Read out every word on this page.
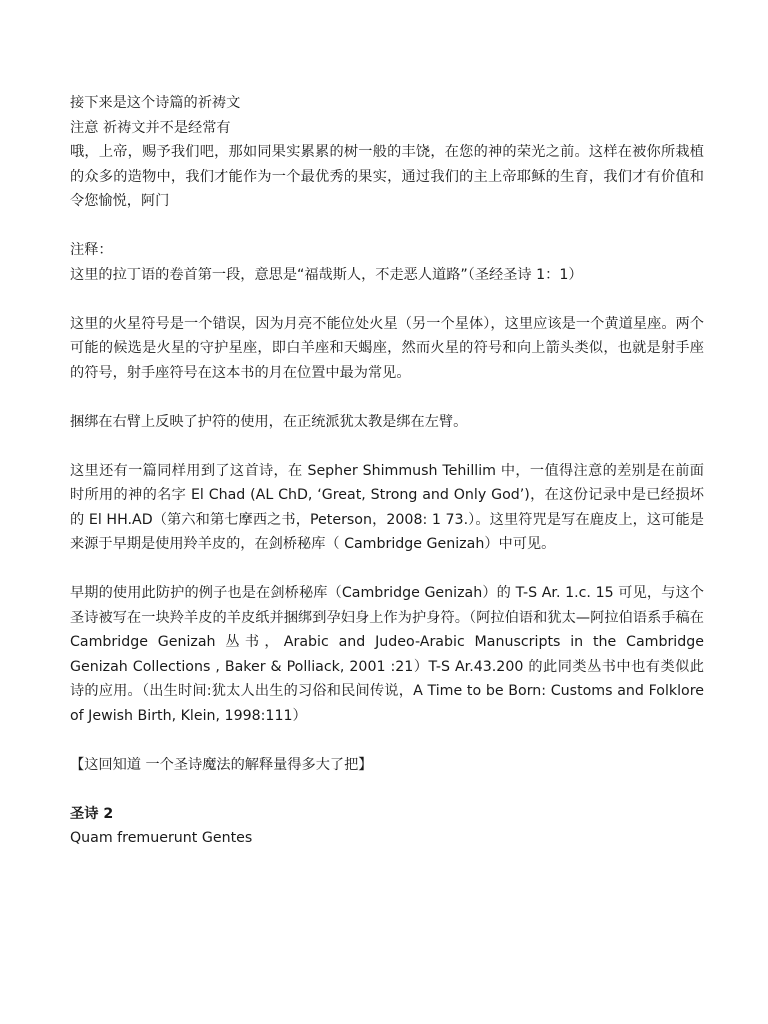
接下来是这个诗篇的祈祷文

注意 祈祷文并不是经常有

哦，上帝，赐予我们吧，那如同果实累累的树一般的丰饶，在您的神的荣光之前。这样在被你所栽植的众多的造物中，我们才能作为一个最优秀的果实，通过我们的主上帝耶稣的生育，我们才有价值和令您愉悦，阿门

注释：

这里的拉丁语的卷首第一段，意思是“福哉斯人，不走恶人道路”（圣经圣诗 1：1）

这里的火星符号是一个错误，因为月亮不能位处火星（另一个星体），这里应该是一个黄道星座。两个可能的候选是火星的守护星座，即白羊座和天蝎座，然而火星的符号和向上箭头类似，也就是射手座的符号，射手座符号在这本书的月在位置中最为常见。

捆绑在右臂上反映了护符的使用，在正统派犹太教是绑在左臂。

这里还有一篇同样用到了这首诗，在 Sepher Shimmush Tehillim 中，一值得注意的差别是在前面时所用的神的名字 El Chad (AL ChD, ‘Great, Strong and Only God’)，在这份记录中是已经损坏的 El HH.AD（第六和第七摩西之书，Peterson，2008: 1 73.）。这里符咒是写在鹿皮上，这可能是来源于早期是使用羚羊皮的，在剑桥秘库（ Cambridge Genizah）中可见。

早期的使用此防护的例子也是在剑桥秘库（Cambridge Genizah）的 T-S Ar. 1.c. 15 可见，与这个圣诗被写在一块羚羊皮的羊皮纸并捆绑到孕妇身上作为护身符。（阿拉伯语和犹太—阿拉伯语系手稿在 Cambridge Genizah 丛书，Arabic and Judeo-Arabic Manuscripts in the Cambridge Genizah Collections , Baker & Polliack, 2001 :21）T-S Ar.43.200 的此同类丛书中也有类似此诗的应用。（出生时间:犹太人出生的习俗和民间传说，A Time to be Born: Customs and Folklore of Jewish Birth, Klein, 1998:111）

【这回知道 一个圣诗魔法的解释量得多大了把】

圣诗 2

Quam fremuerunt Gentes
